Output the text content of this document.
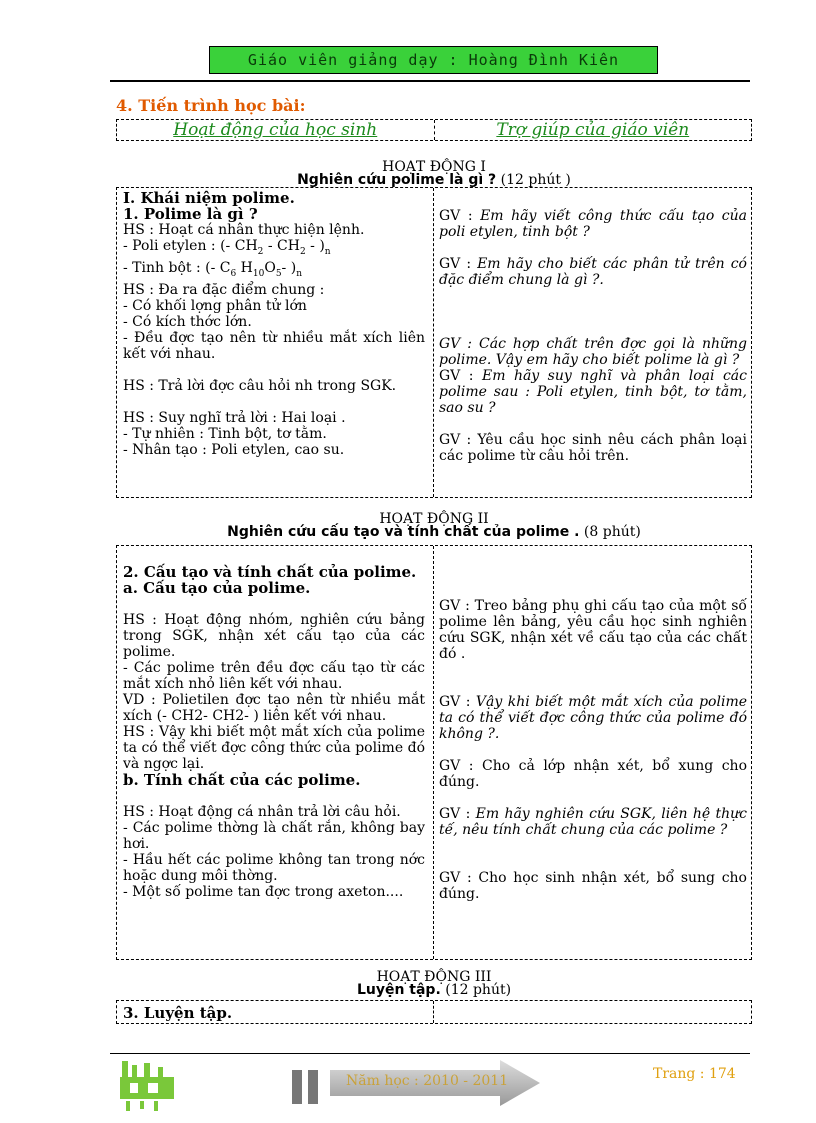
Giáo viên giảng dạy : Hoàng Đình Kiên
4. Tiến trình học bài:
Hoạt động của học sinh	Trợ giúp của giáo viên
HOẠT ĐỘNG I
Nghiên cứu polime là gì ? (12 phút )

I. Khái niệm polime.

1. Polime là gì ?

HS : Hoạt cá nhân thực hiện lệnh.

- Poli etylen : (- $CH_2 - CH_2 - )_n$

- Tinh bột : (- $C_6$ $H_{10}O_5-$ )$_n$

HS : Đa ra đặc điểm chung :

- Có khối lợng phân tử lớn

- Có kích thớc lớn.

- Đều đợc tạo nên từ nhiều mắt xích liên kết với nhau.

HS : Trả lời đợc câu hỏi nh trong SGK.

HS : Suy nghĩ trả lời : Hai loại .

- Tự nhiên : Tinh bột, tơ tằm.

- Nhân tạo : Poli etylen, cao su.

GV : Em hãy viết công thức cấu tạo của poli etylen, tinh bột ?

GV : Em hãy cho biết các phân tử trên có đặc điểm chung là gì ?.

GV : Các hợp chất trên đợc gọi là những polime. Vậy em hãy cho biết polime là gì ?

GV : Em hãy suy nghĩ và phân loại các polime sau : Poli etylen, tinh bột, tơ tằm, sao su ?

GV : Yêu cầu học sinh nêu cách phân loại các polime từ câu hỏi trên.

HOẠT ĐỘNG II
Nghiên cứu cấu tạo và tính chất của polime . (8 phút)

2. Cấu tạo và tính chất của polime.

a. Cấu tạo của polime.

HS : Hoạt động nhóm, nghiên cứu bảng trong SGK, nhận xét cấu tạo của các polime.

- Các polime trên đều đợc cấu tạo từ các mắt xích nhỏ liên kết với nhau.

VD : Polietilen đợc tạo nên từ nhiều mắt xích (- CH2- CH2- ) liên kết với nhau.

HS : Vậy khi biết một mắt xích của polime ta có thể viết đợc công thức của polime đó và ngợc lại.

b. Tính chất của các polime.

HS : Hoạt động cá nhân trả lời câu hỏi.

- Các polime thờng là chất rắn, không bay hơi.

- Hầu hết các polime không tan trong nớc hoặc dung môi thờng.

- Một số polime tan đợc trong axeton....

GV : Treo bảng phụ ghi cấu tạo của một số polime lên bảng, yêu cầu học sinh nghiên cứu SGK, nhận xét về cấu tạo của các chất đó .

GV : Vậy khi biết một mắt xích của polime ta có thể viết đợc công thức của polime đó không ?.

GV : Cho cả lớp nhận xét, bổ xung cho đúng.

GV : Em hãy nghiên cứu SGK, liên hệ thực tế, nêu tính chất chung của các polime ?

GV : Cho học sinh nhận xét, bổ sung cho đúng.

HOẠT ĐỘNG III
Luyện tập. (12 phút)

3. Luyện tập.

Năm học : 2010 - 2011	Trang : 174
